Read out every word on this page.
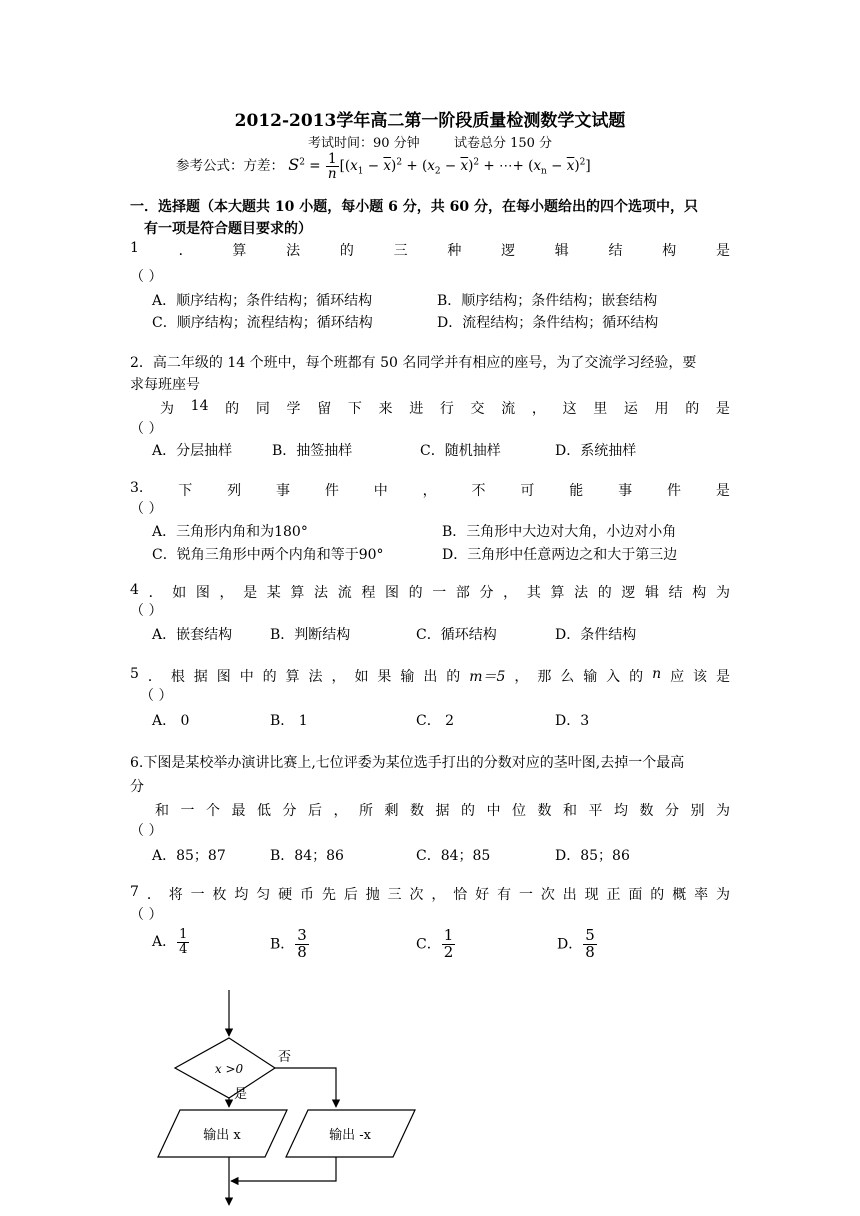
2012-2013学年高二第一阶段质量检测数学文试题
考试时间：90 分钟	试卷总分 150 分
参考公式：方差： $S^2 = \frac{1}{n} [(x_1 - \overline{x})^2 + (x_2 - \overline{x})^2$ + ⋯+ $(x_n - \overline{x})^2$]
一．选择题（本大题共 10 小题，每小题 6 分，共 60 分，在每小题给出的四个选项中，只
有一项是符合题目要求的）
1	．	算	法	的	三	种	逻	辑	结	构	是
（ ）
A．顺序结构；条件结构；循环结构	B．顺序结构；条件结构；嵌套结构
C．顺序结构；流程结构；循环结构	D．流程结构；条件结构；循环结构
2．高二年级的 14 个班中，每个班都有 50 名同学并有相应的座号，为了交流学习经验，要
求每班座号
为 14 的 同 学 留 下 来 进 行 交 流 ， 这 里 运 用 的 是
（ ）
A．分层抽样	B．抽签抽样	C．随机抽样	D．系统抽样
3. 下 列 事 件 中 ， 不 可 能 事 件 是
（ ）
A．三角形内角和为180°	B．三角形中大边对大角，小边对小角
C．锐角三角形中两个内角和等于90°	D．三角形中任意两边之和大于第三边
4 ． 如 图 ， 是 某 算 法 流 程 图 的 一 部 分 ， 其 算 法 的 逻 辑 结 构 为
（ ）
A．嵌套结构	B．判断结构	C．循环结构	D．条件结构
5 ． 根 据 图 中 的 算 法 ， 如 果 输 出 的 m＝5 ， 那 么 输 入 的 n 应 该 是
（ ）
A． 0	B． 1	C． 2	D．3
6.下图是某校举办演讲比赛上,七位评委为某位选手打出的分数对应的茎叶图,去掉一个最高
分
和 一 个 最 低 分 后 ， 所 剩 数 据 的 中 位 数 和 平 均 数 分 别 为
（ ）
A．85；87	B．84；86	C．84；85	D．85；86
7 ． 将 一 枚 均 匀 硬 币 先 后 抛 三 次 ， 恰 好 有 一 次 出 现 正 面 的 概 率 为
（ ）
A． $\frac{1}{4}$	B． $\frac{3}{8}$	C． $\frac{1}{2}$	D． $\frac{5}{8}$
x >0
否
是
输出 x	输出 -x
